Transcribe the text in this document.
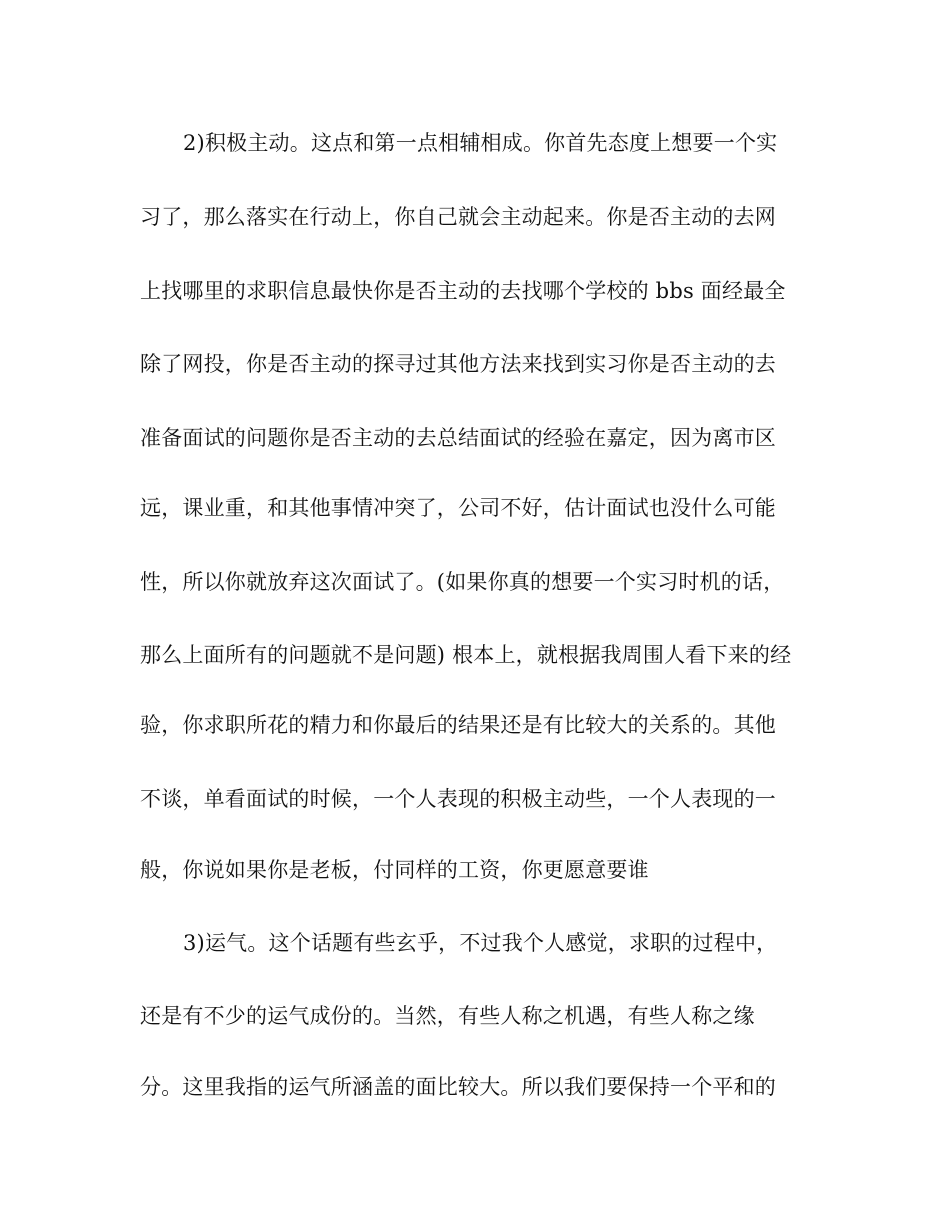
2)积极主动。这点和第一点相辅相成。你首先态度上想要一个实
习了，那么落实在行动上，你自己就会主动起来。你是否主动的去网
上找哪里的求职信息最快你是否主动的去找哪个学校的 bbs 面经最全
除了网投，你是否主动的探寻过其他方法来找到实习你是否主动的去
准备面试的问题你是否主动的去总结面试的经验在嘉定，因为离市区
远，课业重，和其他事情冲突了，公司不好，估计面试也没什么可能
性，所以你就放弃这次面试了。(如果你真的想要一个实习时机的话，
那么上面所有的问题就不是问题) 根本上，就根据我周围人看下来的经
验，你求职所花的精力和你最后的结果还是有比较大的关系的。其他
不谈，单看面试的时候，一个人表现的积极主动些，一个人表现的一
般，你说如果你是老板，付同样的工资，你更愿意要谁
3)运气。这个话题有些玄乎，不过我个人感觉，求职的过程中，
还是有不少的运气成份的。当然，有些人称之机遇，有些人称之缘
分。这里我指的运气所涵盖的面比较大。所以我们要保持一个平和的
